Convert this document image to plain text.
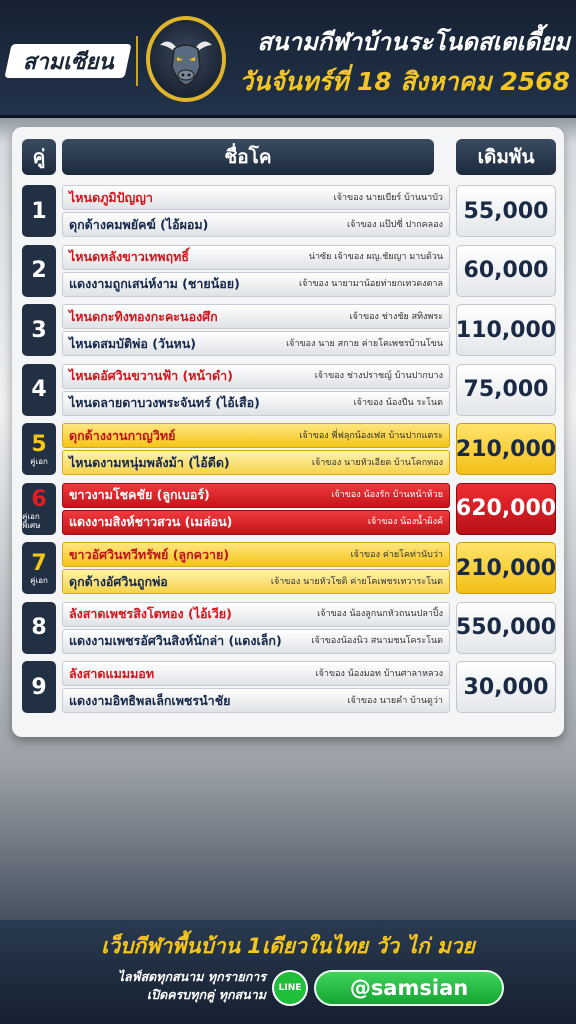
สามเซียน
สนามกีฬาบ้านระโนดสเตเดี้ยม
วันจันทร์ที่ 18 สิงหาคม 2568
คู่	ชื่อโค	เดิมพัน
1
ไหนดภูมิปัญญา	เจ้าของ นายเบียร์ บ้านนาบัว
ดุกด้างคมพยัคฆ์ (ไอ้ผอม)	เจ้าของ แป๊ปซี่ ปากคลอง
55,000
2
ไหนดหลังขาวเทพฤทธิ์	น่าซัย เจ้าของ ผญ.ชัยญา มาบด้วน
แดงงามถูกเสน่ห์งาม (ชายน้อย)	เจ้าของ นายามาน้อยท่ายกเทวดงตาล
60,000
3
ไหนดกะทิงทองกะคะนองศึก	เจ้าของ ช่างชัย สทิงพระ
ไหนดสมบัติพ่อ (วันหน)	เจ้าของ นาย สกาย ค่ายโคเพชรบ้านโขน
110,000
4
ไหนดอัศวินขวานฟ้า (หน้าดำ)	เจ้าของ ช่างปราชญ์ บ้านปากบาง
ไหนดลายดาบวงพระจันทร์ (ไอ้เสือ)	เจ้าของ น้องปืน ระโนด
75,000
5
คู่เอก
ดุกด้างงานกาญวิทย์	เจ้าของ พี่ฟลุกน้องเฟส บ้านปากแตระ
ไหนดงามหนุ่มพลังม้า (ไอ้ดีด)	เจ้าของ นายหัวเอียด บ้านโคกทอง
210,000
6
คู่เอกพิเศษ
ขาวงามโชคชัย (ลูกเบอร์)	เจ้าของ น้องรัก บ้านหน้าห้วย
แดงงามสิงห์ชาวสวน (เมล่อน)	เจ้าของ น้องน้ำผิงค์
620,000
7
คู่เอก
ขาวอัศวินทวีทรัพย์ (ลูกควาย)	เจ้าของ ค่ายโคท่านับว่า
ดุกด้างอัศวินถูกพ่อ	เจ้าของ นายหัวโชติ ค่ายโคเพชรเทวาระโนด
210,000
8
ลังสาดเพชรสิงโตทอง (ไอ้เวีย)	เจ้าของ น้องลูกนกหัวถนนปลาปิ้ง
แดงงามเพชรอัศวินสิงห์นักล่า (แดงเล็ก)	เจ้าของน้องนิว สนามชนโคระโนด
550,000
9
ลังสาดแมมมอท	เจ้าของ น้องมอท บ้านศาลาหลวง
แดงงามอิทธิพลเล็กเพชรนำชัย	เจ้าของ นายคำ บ้านดูว่า
30,000
เว็บกีฬาพื้นบ้าน 1เดียวในไทย วัว ไก่ มวย
ไลฟ์สดทุกสนาม ทุกรายการ
เปิดครบทุกคู่ ทุกสนาม LINE @samsian
